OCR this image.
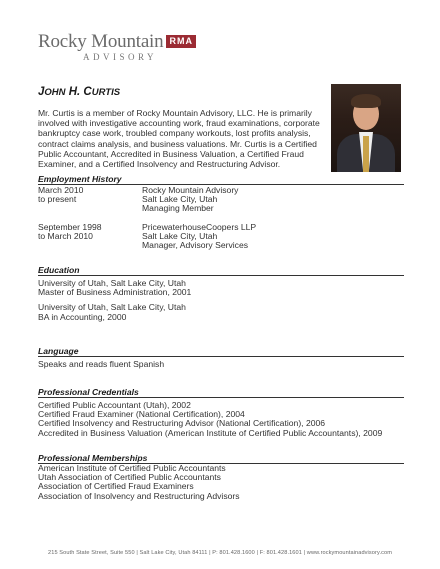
Rocky Mountain RMA
ADVISORY
JOHN H. CURTIS
Mr. Curtis is a member of Rocky Mountain Advisory, LLC. He is primarily involved with investigative accounting work, fraud examinations, corporate bankruptcy case work, troubled company workouts, lost profits analysis, contract claims analysis, and business valuations. Mr. Curtis is a Certified Public Accountant, Accredited in Business Valuation, a Certified Fraud Examiner, and a Certified Insolvency and Restructuring Advisor.
Employment History
March 2010
to present
Rocky Mountain Advisory
Salt Lake City, Utah
Managing Member
September 1998
to March 2010
PricewaterhouseCoopers LLP
Salt Lake City, Utah
Manager, Advisory Services
Education
University of Utah, Salt Lake City, Utah
Master of Business Administration, 2001
University of Utah, Salt Lake City, Utah
BA in Accounting, 2000
Language
Speaks and reads fluent Spanish
Professional Credentials
Certified Public Accountant (Utah), 2002
Certified Fraud Examiner (National Certification), 2004
Certified Insolvency and Restructuring Advisor (National Certification), 2006
Accredited in Business Valuation (American Institute of Certified Public Accountants), 2009
Professional Memberships
American Institute of Certified Public Accountants
Utah Association of Certified Public Accountants
Association of Certified Fraud Examiners
Association of Insolvency and Restructuring Advisors
215 South State Street, Suite 550 | Salt Lake City, Utah 84111 | P: 801.428.1600 | F: 801.428.1601 | www.rockymountainadvisory.com
